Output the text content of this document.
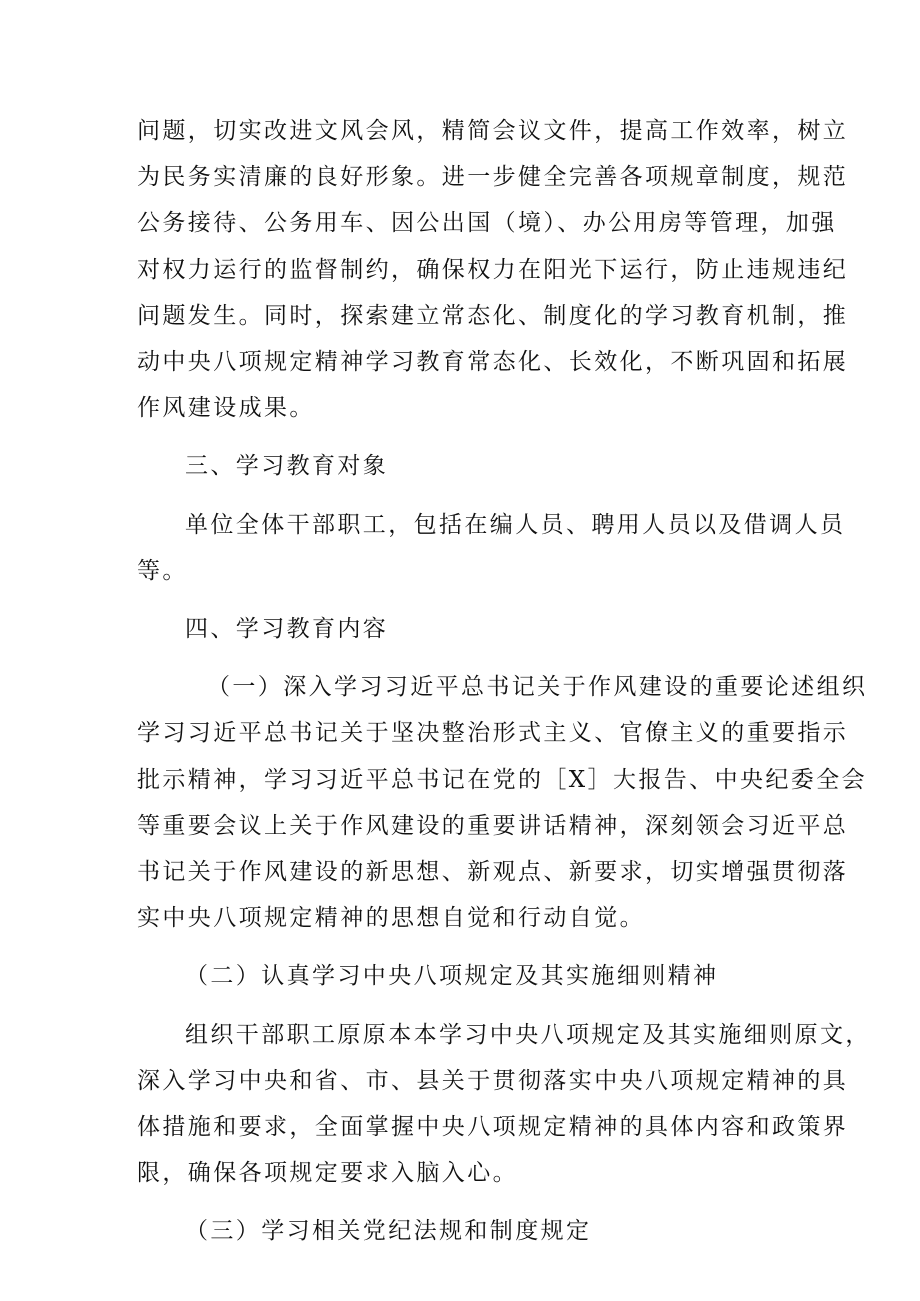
问题，切实改进文风会风，精简会议文件，提高工作效率，树立
为民务实清廉的良好形象。进一步健全完善各项规章制度，规范
公务接待、公务用车、因公出国（境）、办公用房等管理，加强
对权力运行的监督制约，确保权力在阳光下运行，防止违规违纪
问题发生。同时，探索建立常态化、制度化的学习教育机制，推
动中央八项规定精神学习教育常态化、长效化，不断巩固和拓展
作风建设成果。
三、学习教育对象
单位全体干部职工，包括在编人员、聘用人员以及借调人员
等。
四、学习教育内容
（一）深入学习习近平总书记关于作风建设的重要论述组织
学习习近平总书记关于坚决整治形式主义、官僚主义的重要指示
批示精神，学习习近平总书记在党的［X］大报告、中央纪委全会
等重要会议上关于作风建设的重要讲话精神，深刻领会习近平总
书记关于作风建设的新思想、新观点、新要求，切实增强贯彻落
实中央八项规定精神的思想自觉和行动自觉。
（二）认真学习中央八项规定及其实施细则精神
组织干部职工原原本本学习中央八项规定及其实施细则原文，
深入学习中央和省、市、县关于贯彻落实中央八项规定精神的具
体措施和要求，全面掌握中央八项规定精神的具体内容和政策界
限，确保各项规定要求入脑入心。
（三）学习相关党纪法规和制度规定
